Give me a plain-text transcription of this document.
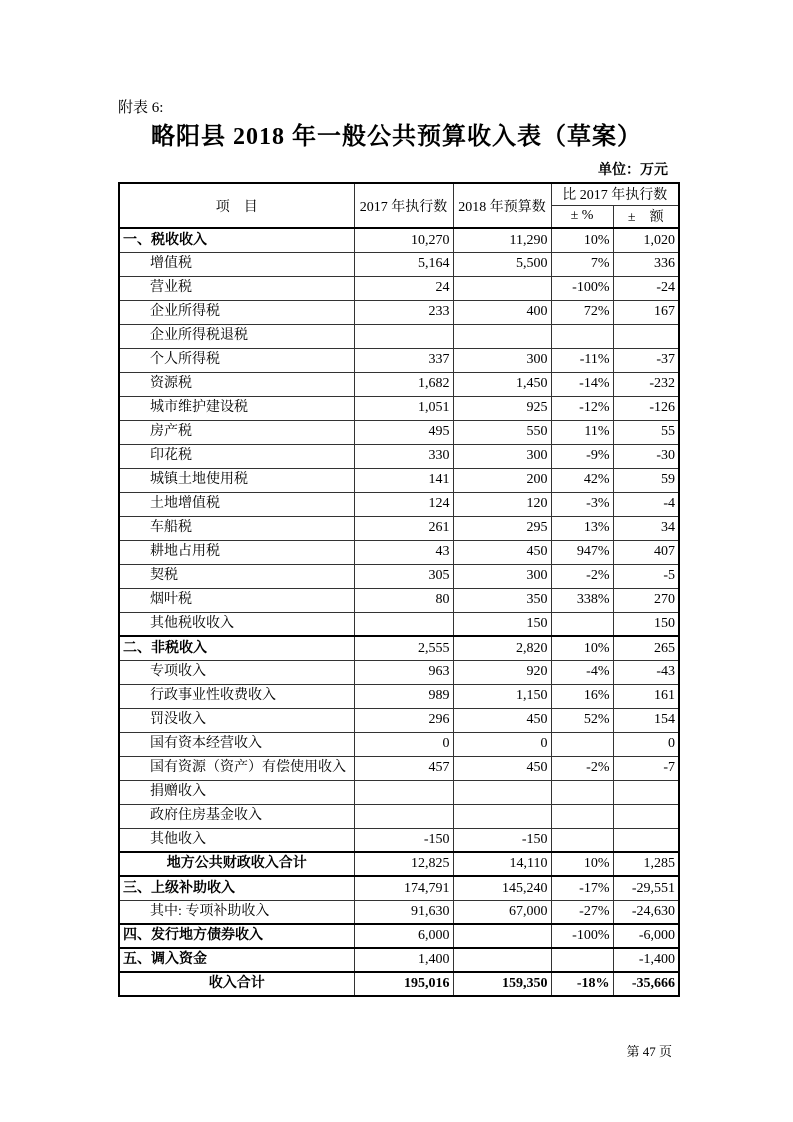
附表 6:
略阳县 2018 年一般公共预算收入表（草案）
单位：万元
项　目	2017 年执行数	2018 年预算数	比 2017 年执行数	
			± %	±　额
一、税收收入	10,270	11,290	10%	1,020
增值税	5,164	5,500	7%	336
营业税	24		-100%	-24
企业所得税	233	400	72%	167
企业所得税退税				
个人所得税	337	300	-11%	-37
资源税	1,682	1,450	-14%	-232
城市维护建设税	1,051	925	-12%	-126
房产税	495	550	11%	55
印花税	330	300	-9%	-30
城镇土地使用税	141	200	42%	59
土地增值税	124	120	-3%	-4
车船税	261	295	13%	34
耕地占用税	43	450	947%	407
契税	305	300	-2%	-5
烟叶税	80	350	338%	270
其他税收收入		150		150
二、非税收入	2,555	2,820	10%	265
专项收入	963	920	-4%	-43
行政事业性收费收入	989	1,150	16%	161
罚没收入	296	450	52%	154
国有资本经营收入	0	0		0
国有资源（资产）有偿使用收入	457	450	-2%	-7
捐赠收入				
政府住房基金收入				
其他收入	-150	-150		
地方公共财政收入合计	12,825	14,110	10%	1,285
三、上级补助收入	174,791	145,240	-17%	-29,551
其中: 专项补助收入	91,630	67,000	-27%	-24,630
四、发行地方债券收入	6,000		-100%	-6,000
五、调入资金	1,400			-1,400
收入合计	195,016	159,350	-18%	-35,666
第 47 页
